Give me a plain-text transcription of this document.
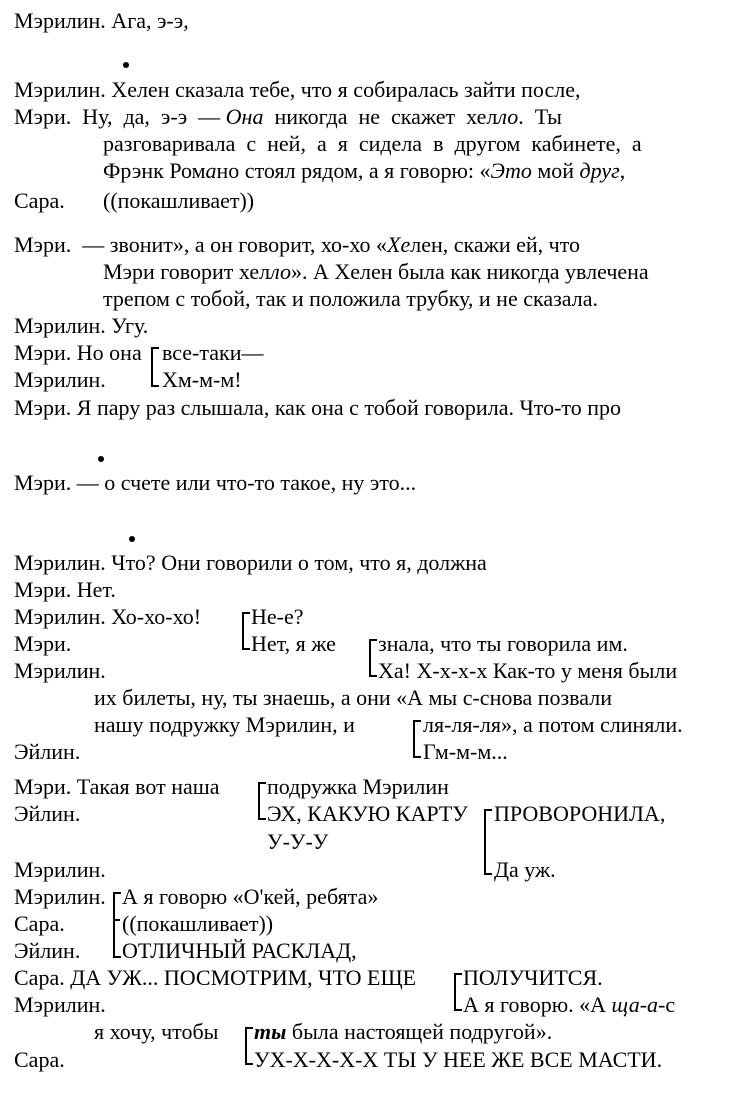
Мэрилин. Ага, э-э,
Мэрилин. Хелен сказала тебе, что я собиралась зайти после,
Мэри.  Ну,  да,  э-э  — Она  никогда  не  скажет  хелло.  Ты
разговаривала  с  ней,  а  я  сидела  в  другом  кабинете,  а
Фрэнк Романо стоял рядом, а я говорю: «Это мой друг,
Сара. ((покашливает))
Мэри.  — звонит», а он говорит, хо-хо «Хелен, скажи ей, что
Мэри говорит хелло». А Хелен была как никогда увлечена
трепом с тобой, так и положила трубку, и не сказала.
Мэрилин. Угу.
Мэри. Но она все-таки—
Мэрилин.	Хм-м-м!
Мэри. Я пару раз слышала, как она с тобой говорила. Что-то про
Мэри. — о счете или что-то такое, ну это...
Мэрилин. Что? Они говорили о том, что я, должна
Мэри. Нет.
Мэрилин. Хо-хо-хо! Не-е?
Мэри.	Нет, я же знала, что ты говорила им.
Мэрилин.	Ха! Х-х-х-х Как-то у меня были
их билеты, ну, ты знаешь, а они «А мы с-снова позвали
нашу подружку Мэрилин, и	ля-ля-ля», а потом слиняли.
Эйлин.	Гм-м-м...
Мэри. Такая вот наша подружка Мэрилин
Эйлин.	ЭХ, КАКУЮ КАРТУ ПРОВОРОНИЛА,
У-У-У
Мэрилин.	Да уж.
Мэрилин. А я говорю «О'кей, ребята»
Сара.	((покашливает))
Эйлин. ОТЛИЧНЫЙ РАСКЛАД,
Сара. ДА УЖ... ПОСМОТРИМ, ЧТО ЕЩЕ ПОЛУЧИТСЯ.
Мэрилин.	А я говорю. «А ща-а-с
я хочу, чтобы ты была настоящей подругой».
Сара.	УХ-Х-Х-Х-Х ТЫ У НЕЕ ЖЕ ВСЕ МАСТИ.
